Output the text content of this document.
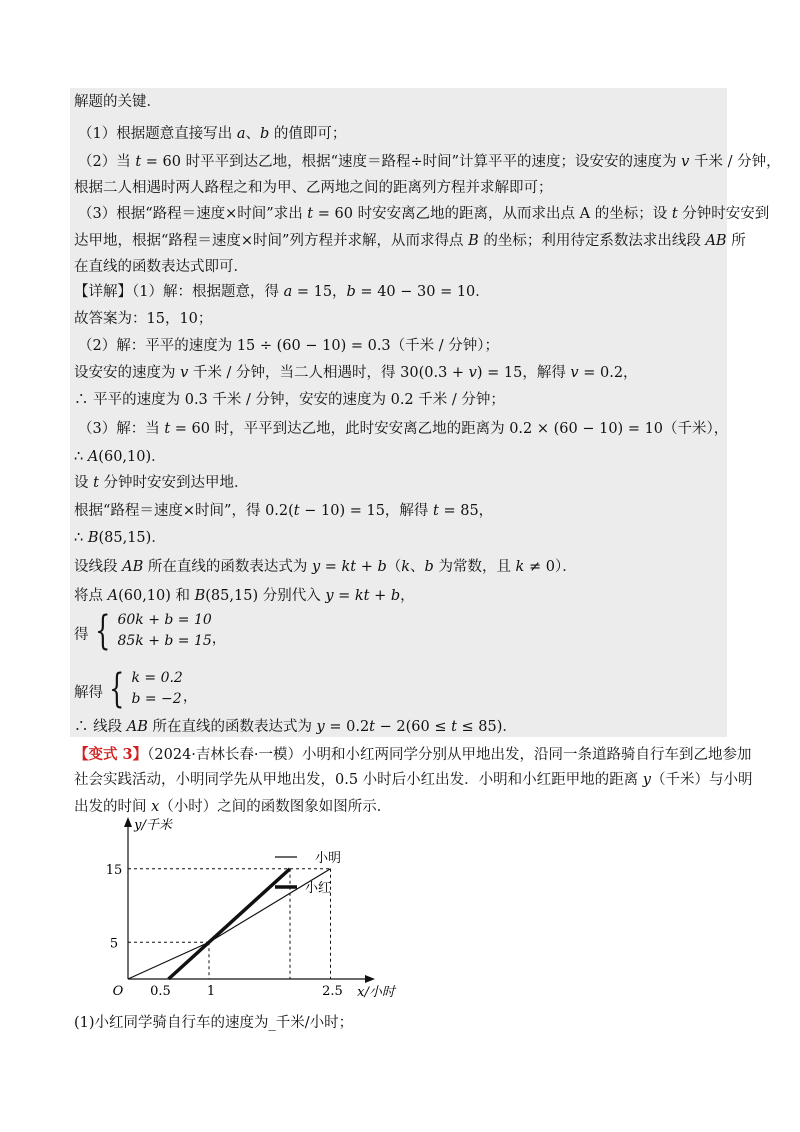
解题的关键．
（1）根据题意直接写出 𝑎、𝑏 的值即可；
（2）当 𝑡 = 60 时平平到达乙地，根据“速度＝路程÷时间”计算平平的速度；设安安的速度为 𝑣 千米 / 分钟，
根据二人相遇时两人路程之和为甲、乙两地之间的距离列方程并求解即可；
（3）根据“路程＝速度×时间”求出 𝑡 = 60 时安安离乙地的距离，从而求出点 A 的坐标；设 𝑡 分钟时安安到
达甲地，根据“路程＝速度×时间”列方程并求解，从而求得点 𝐵 的坐标；利用待定系数法求出线段 𝐴𝐵 所
在直线的函数表达式即可．
【详解】（1）解：根据题意，得 𝑎 = 15，𝑏 = 40 − 30 = 10．
故答案为：15，10；
（2）解：平平的速度为 15 ÷ (60 − 10) = 0.3（千米 / 分钟）；
设安安的速度为 𝑣 千米 / 分钟，当二人相遇时，得 30(0.3 + 𝑣) = 15，解得 𝑣 = 0.2，
∴ 平平的速度为 0.3 千米 / 分钟，安安的速度为 0.2 千米 / 分钟；
（3）解：当 𝑡 = 60 时，平平到达乙地，此时安安离乙地的距离为 0.2 × (60 − 10) = 10（千米），
∴ 𝐴(60,10)．
设 𝑡 分钟时安安到达甲地．
根据“路程＝速度×时间”，得 0.2(𝑡 − 10) = 15，解得 𝑡 = 85，
∴ 𝐵(85,15)．
设线段 𝐴𝐵 所在直线的函数表达式为 𝑦 = 𝑘𝑡 + 𝑏（𝑘、𝑏 为常数，且 𝑘 ≠ 0）．
将点 𝐴(60,10) 和 𝐵(85,15) 分别代入 𝑦 = 𝑘𝑡 + 𝑏，
得 { 60𝑘 + 𝑏 = 10
85𝑘 + 𝑏 = 15 ，
解得 { 𝑘 = 0.2
𝑏 = −2 ，
∴ 线段 𝐴𝐵 所在直线的函数表达式为 𝑦 = 0.2𝑡 − 2(60 ≤ 𝑡 ≤ 85)．
【变式 3】（2024·吉林长春·一模）小明和小红两同学分别从甲地出发，沿同一条道路骑自行车到乙地参加
社会实践活动，小明同学先从甲地出发，0.5 小时后小红出发．小明和小红距甲地的距离 𝑦（千米）与小明
出发的时间 𝑥（小时）之间的函数图象如图所示．
0.5	1	2.5
5
15
O	x/小时
y/千米
小明
小红
(1)小红同学骑自行车的速度为_千米/小时；
